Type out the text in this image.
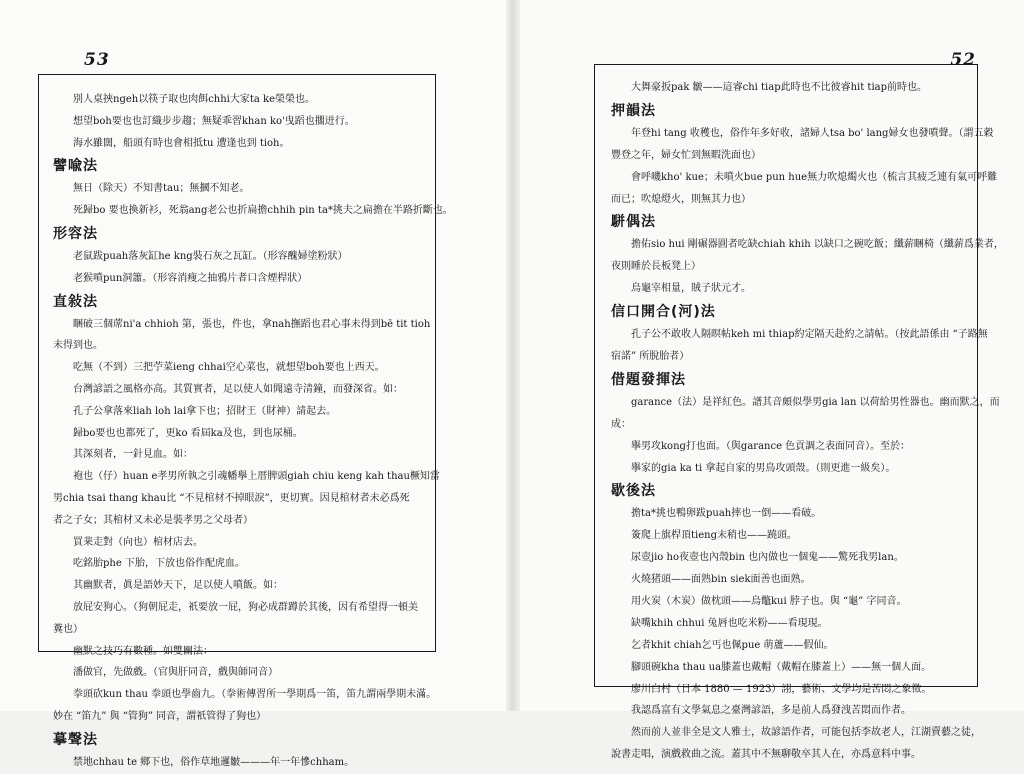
53
別人桌挾ngeh以筷子取也肉餌chhi大家ta ke榮榮也。
想望boh要也也訂織步步趨；無疑乖習khan ko'曳蹈也擱迸行。
海水雖闊，船頭有時也會相抵tu 遭逢也到 tioh。
譬喩法
無日（除天）不知書tau；無摑不知老。
死歸bo 要也換新衫，死翁ang老公也折扁擔chhih pin ta*挑夫之扁擔在半路折斷也。
形容法
老鼠跋puah落灰缸he kng裝石灰之瓦缸。（形容醜婦塗粉狀）
老猴噴pun洞簫。（形容消瘦之抽鴉片者口含煙桿狀）
直敍法
睏破三個蓆ni'a chhioh 第，張也，件也，拿nah撫蹈也君心事未得到bē tit tioh
未得到也。
吃無（不到）三把苧菜ieng chhai空心菜也，就想望boh要也上西天。
台灣諺語之風格亦高。其質實者，足以使人如聞遠寺清鐘，而發深省。如：
孔子公拿落來liah loh lai拿下也；招財王（財神）請起去。
歸bo要也也都死了，更ko 看屆ka及也，到也尿桶。
其深刻者，一針見血。如：
袍也（仔）huan e孝男所執之引魂幡擧上厝脾頭giah chiu keng kah thau橛知當
男chia tsai thang khau比 “不見棺材不掉眼淚”，更切實。因見棺材者未必爲死
者之子女；其棺材又未必是裝孝男之父母者）
買棐走對（向也）棺材店去。
吃銘胎phe 下胎，下放也俗作配虎血。
其幽默者，眞是語妙天下，足以使人噴飯。如：
放屁安狗心。（狗朝屁走，祇要放一屁，狗必成群蹲於其後，因有希望得一頓美
糞也）
幽默之技巧有數種。如雙關法：
潘做官，先做戲。（官與肝同音，戲與師同音）
拳頭砍kun thau 拳頭也學齒九。（拳術傳習所一學期爲一笛，笛九謂兩學期未滿。
妙在 “笛九” 與 “管狗” 同音，謂祇管得了狗也）
摹聲法
禁地chhau te 鄉下也，俗作草地邏皺———年一年慘chham。
52
大舞豪扳pak 皺——這睿chi tiap此時也不比彼睿hit tiap前時也。
押韻法
年登hi tang 收穫也，俗作年多好收，諸婦人tsa bo' lang婦女也發噴聲。（謂五穀
豐登之年，婦女忙到無暇洗面也）
會呼嘰kho' kue；未噴火bue pun hue無力吹熄燭火也（梳言其疲乏連有氣可呼難
而已；吹熄燈火，則無其力也）
駢偶法
擔佑sio hui 剛碾器圓者吃缺chiah khih 以缺口之碗吃飯；纖薪睏椅（纖薪爲業者，
夜則睡於長板凳上）
烏龜宰相量，賊子狀元才。
信口開合(河)法
孔子公不敢收人隔暝帖keh mi thiap約定隔天赴約之請帖。（按此語係由 “子路無
宿諾” 所脫胎者）
借題發揮法
garance（法）是祥紅色。譜其音頗似學男gia lan 以荷給男性器也。幽而默之，而
成：
擧男攻kong打也面。（與garance 色貢調之表面同音）。至於：
擧家的gia ka ti 拿起自家的男鳥攻頭殼。（則更進一級矣）。
歇後法
擔ta*挑也鴨卵跋puah摔也一倒——看破。
簽爬上旗桿頂tieng末稍也——蹺頭。
尿壺jio ho夜壺也內殼bin 也內做也一個鬼——驚死我男lan。
火燒猪頭——面熟bin siek面善也面熟。
用火炭（木炭）做枕頭——烏鼈kui 脖子也。與 “龜” 字同音。
缺嘴khih chhui 兔唇也吃米粉——看現現。
乞者khit chiah乞丐也佩pue 萌蘆——假仙。
腳頭碗kha thau ua膝蓋也戴帽（戴帽在膝蓋上）——無一個人面。
廖川白村（日本 1880 — 1923）詡，藝術、文學均是苦悶之象徵。
我認爲富有文學氣息之臺灣諺語，多是前人爲發洩苦悶而作者。
然而前人並非全是文人雅士，故諺語作者，可能包括李故老人，江湖賣藝之徒，
說書走唱，演戲救曲之流。蓋其中不無聊敬卒其人在，亦爲意料中事。
